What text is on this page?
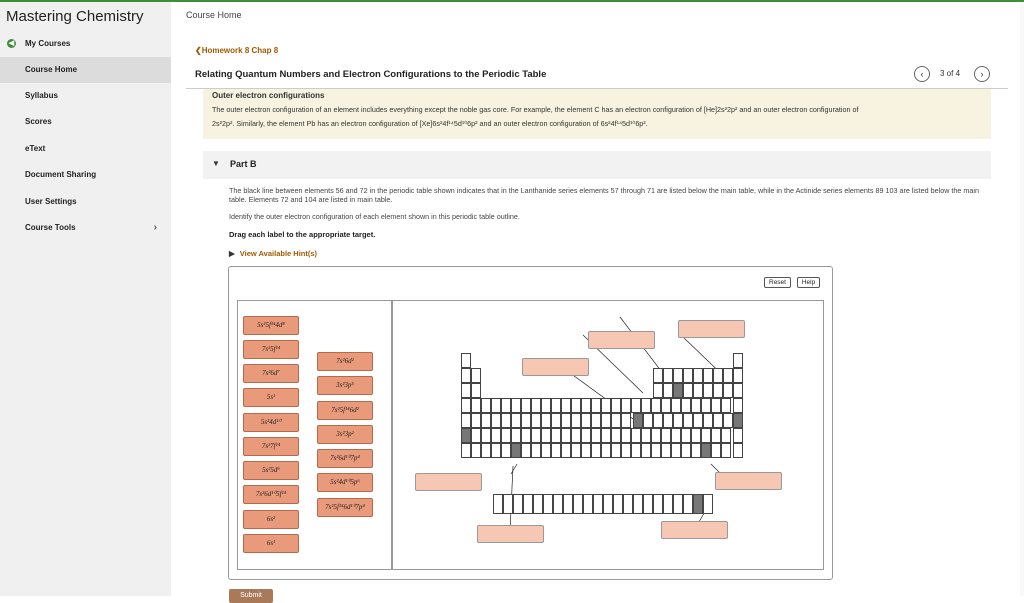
Mastering Chemistry
◀ My Courses
Course Home
Syllabus
Scores
eText
Document Sharing
User Settings
Course Tools	›
Course Home
❮Homework 8 Chap 8
Relating Quantum Numbers and Electron Configurations to the Periodic Table	‹	3 of 4	›
Outer electron configurations
The outer electron configuration of an element includes everything except the noble gas core. For example, the element C has an electron configuration of [He]2s²2p² and an outer electron configuration of
2s²2p². Similarly, the element Pb has an electron configuration of [Xe]6s²4f¹⁴5d¹⁰6p² and an outer electron configuration of 6s²4f¹⁴5d¹⁰6p².
▼ Part B
The black line between elements 56 and 72 in the periodic table shown indicates that in the Lanthanide series elements 57 through 71 are listed below the main table, while in the Actinide series elements 89 103 are listed below the main table. Elements 72 and 104 are listed in main table.
Identify the outer electron configuration of each element shown in this periodic table outline.
Drag each label to the appropriate target.
▶ View Available Hint(s)
Reset	Help
5s²5f¹⁴4d⁸
7s²5f¹⁴
7s²6d²
7s²6d⁷
3s²3p⁵
5s¹
7s²5f¹⁴6d²
5s²4d¹⁰
3s²3p²
7s²7f¹⁴
7s²6d¹⁰7p⁴
5s²5d⁶
5s²4d¹⁰5p⁶
7s²6d¹⁰5f¹⁴
7s²5f¹⁴6d¹⁰7p⁴
6s²
6s¹
Submit
